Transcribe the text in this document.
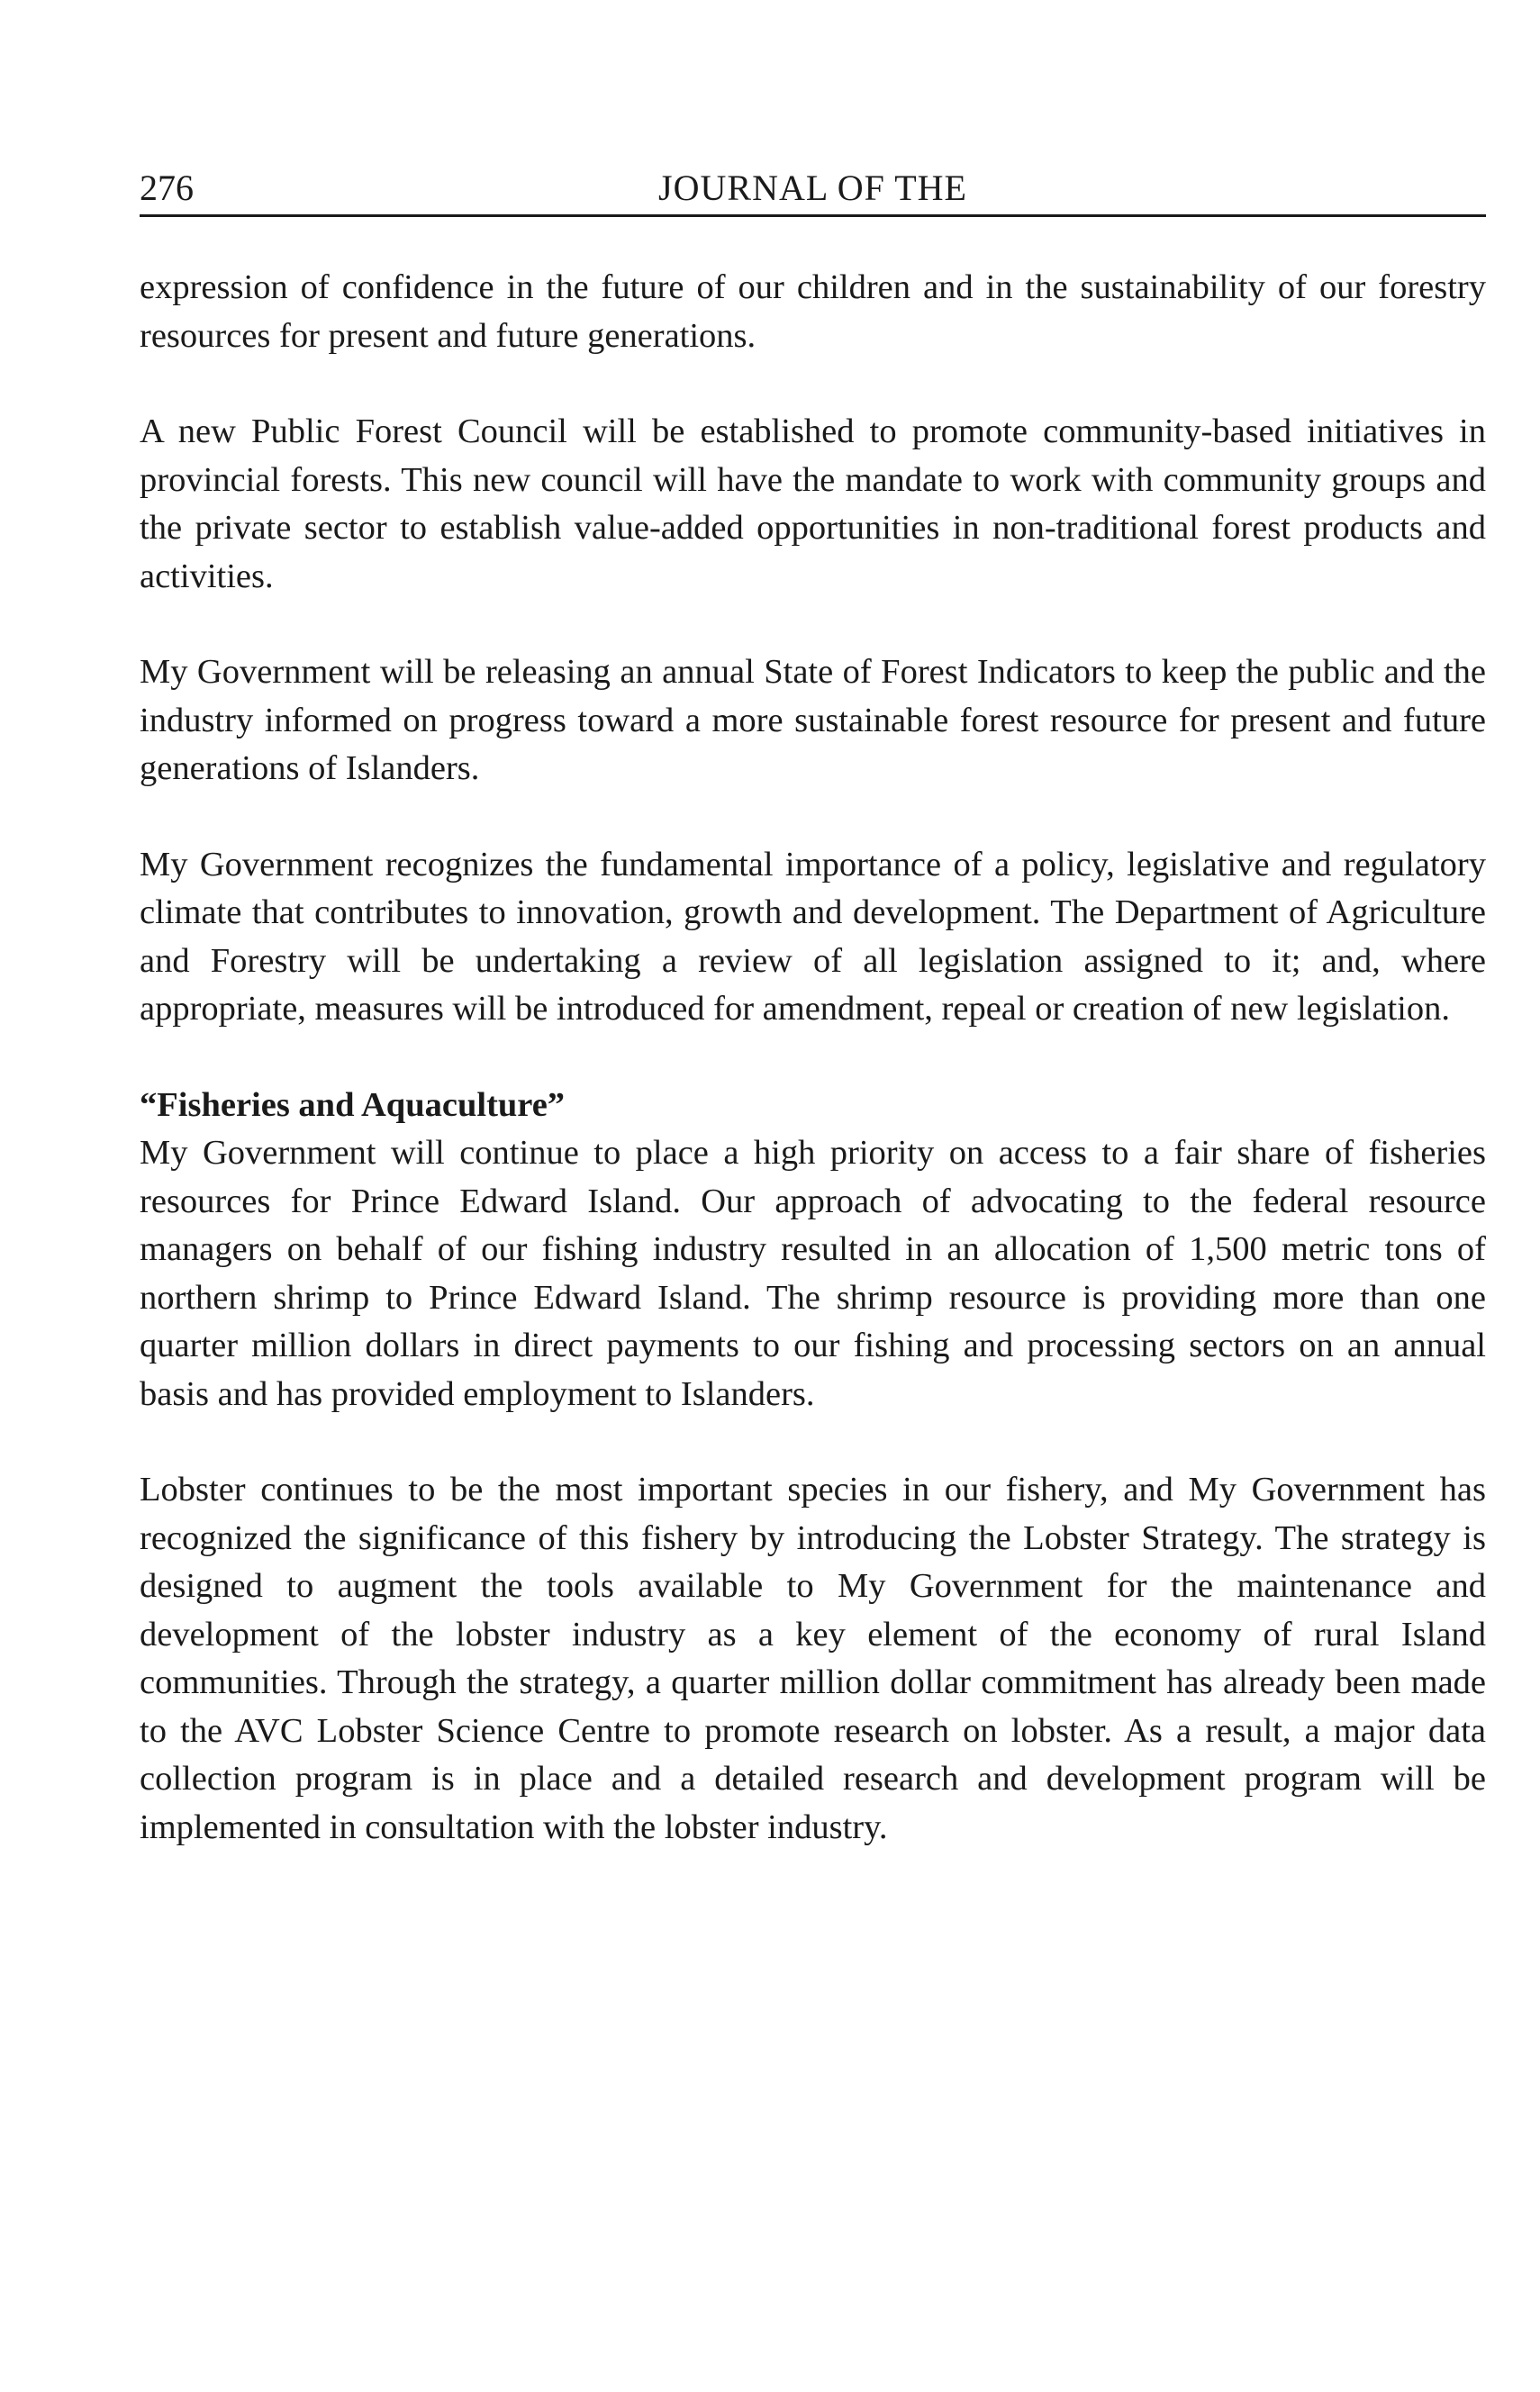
276	JOURNAL OF THE

expression of confidence in the future of our children and in the sustainability of our forestry resources for present and future generations.

A new Public Forest Council will be established to promote community-based initiatives in provincial forests. This new council will have the mandate to work with community groups and the private sector to establish value-added opportunities in non-traditional forest products and activities.

My Government will be releasing an annual State of Forest Indicators to keep the public and the industry informed on progress toward a more sustainable forest resource for present and future generations of Islanders.

My Government recognizes the fundamental importance of a policy, legislative and regulatory climate that contributes to innovation, growth and development. The Department of Agriculture and Forestry will be undertaking a review of all legislation assigned to it; and, where appropriate, measures will be introduced for amendment, repeal or creation of new legislation.

“Fisheries and Aquaculture”

My Government will continue to place a high priority on access to a fair share of fisheries resources for Prince Edward Island. Our approach of advocating to the federal resource managers on behalf of our fishing industry resulted in an allocation of 1,500 metric tons of northern shrimp to Prince Edward Island. The shrimp resource is providing more than one quarter million dollars in direct payments to our fishing and processing sectors on an annual basis and has provided employment to Islanders.

Lobster continues to be the most important species in our fishery, and My Government has recognized the significance of this fishery by introducing the Lobster Strategy. The strategy is designed to augment the tools available to My Government for the maintenance and development of the lobster industry as a key element of the economy of rural Island communities. Through the strategy, a quarter million dollar commitment has already been made to the AVC Lobster Science Centre to promote research on lobster. As a result, a major data collection program is in place and a detailed research and development program will be implemented in consultation with the lobster industry.
